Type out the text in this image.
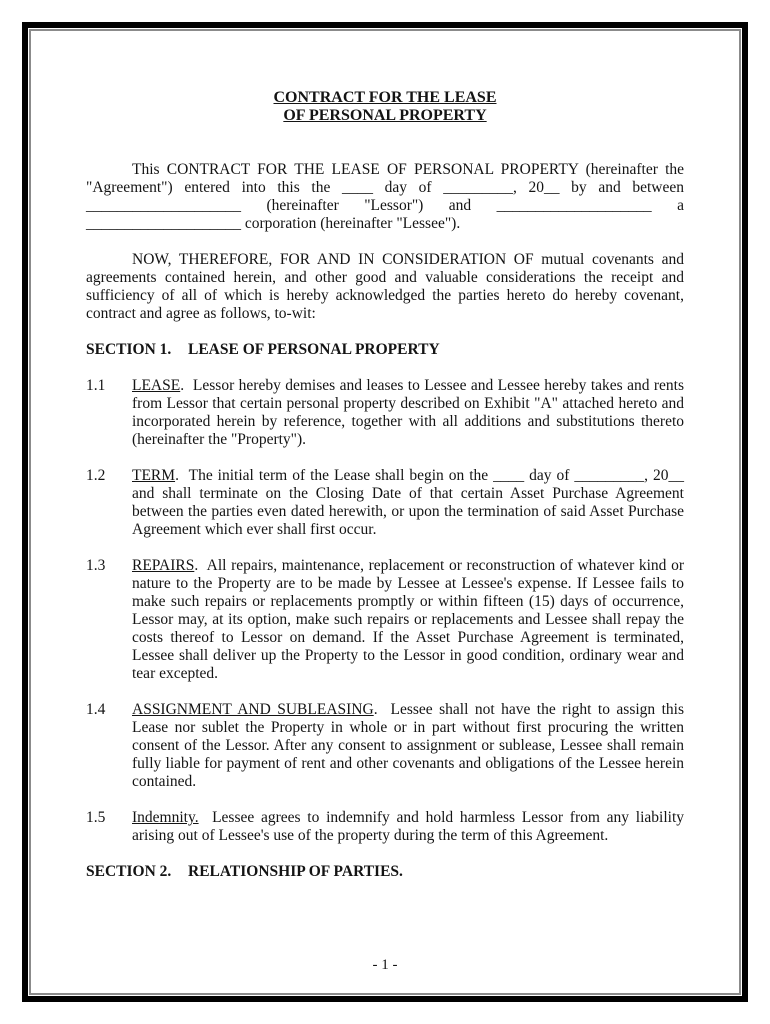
CONTRACT FOR THE LEASE
OF PERSONAL PROPERTY

This CONTRACT FOR THE LEASE OF PERSONAL PROPERTY (hereinafter the "Agreement") entered into this the ____ day of _________, 20__ by and between ____________________ (hereinafter "Lessor") and ____________________ a ____________________ corporation (hereinafter "Lessee").

NOW, THEREFORE, FOR AND IN CONSIDERATION OF mutual covenants and agreements contained herein, and other good and valuable considerations the receipt and sufficiency of all of which is hereby acknowledged the parties hereto do hereby covenant, contract and agree as follows, to-wit:

SECTION 1. LEASE OF PERSONAL PROPERTY
1.1	LEASE.  Lessor hereby demises and leases to Lessee and Lessee hereby takes and rents from Lessor that certain personal property described on Exhibit "A" attached hereto and incorporated herein by reference, together with all additions and substitutions thereto (hereinafter the "Property").
1.2	TERM.  The initial term of the Lease shall begin on the ____ day of _________, 20__ and shall terminate on the Closing Date of that certain Asset Purchase Agreement between the parties even dated herewith, or upon the termination of said Asset Purchase Agreement which ever shall first occur.
1.3	REPAIRS.  All repairs, maintenance, replacement or reconstruction of whatever kind or nature to the Property are to be made by Lessee at Lessee's expense. If Lessee fails to make such repairs or replacements promptly or within fifteen (15) days of occurrence, Lessor may, at its option, make such repairs or replacements and Lessee shall repay the costs thereof to Lessor on demand. If the Asset Purchase Agreement is terminated, Lessee shall deliver up the Property to the Lessor in good condition, ordinary wear and tear excepted.
1.4	ASSIGNMENT AND SUBLEASING.  Lessee shall not have the right to assign this Lease nor sublet the Property in whole or in part without first procuring the written consent of the Lessor. After any consent to assignment or sublease, Lessee shall remain fully liable for payment of rent and other covenants and obligations of the Lessee herein contained.
1.5	Indemnity. Lessee agrees to indemnify and hold harmless Lessor from any liability arising out of Lessee's use of the property during the term of this Agreement.
SECTION 2. RELATIONSHIP OF PARTIES.
- 1 -
